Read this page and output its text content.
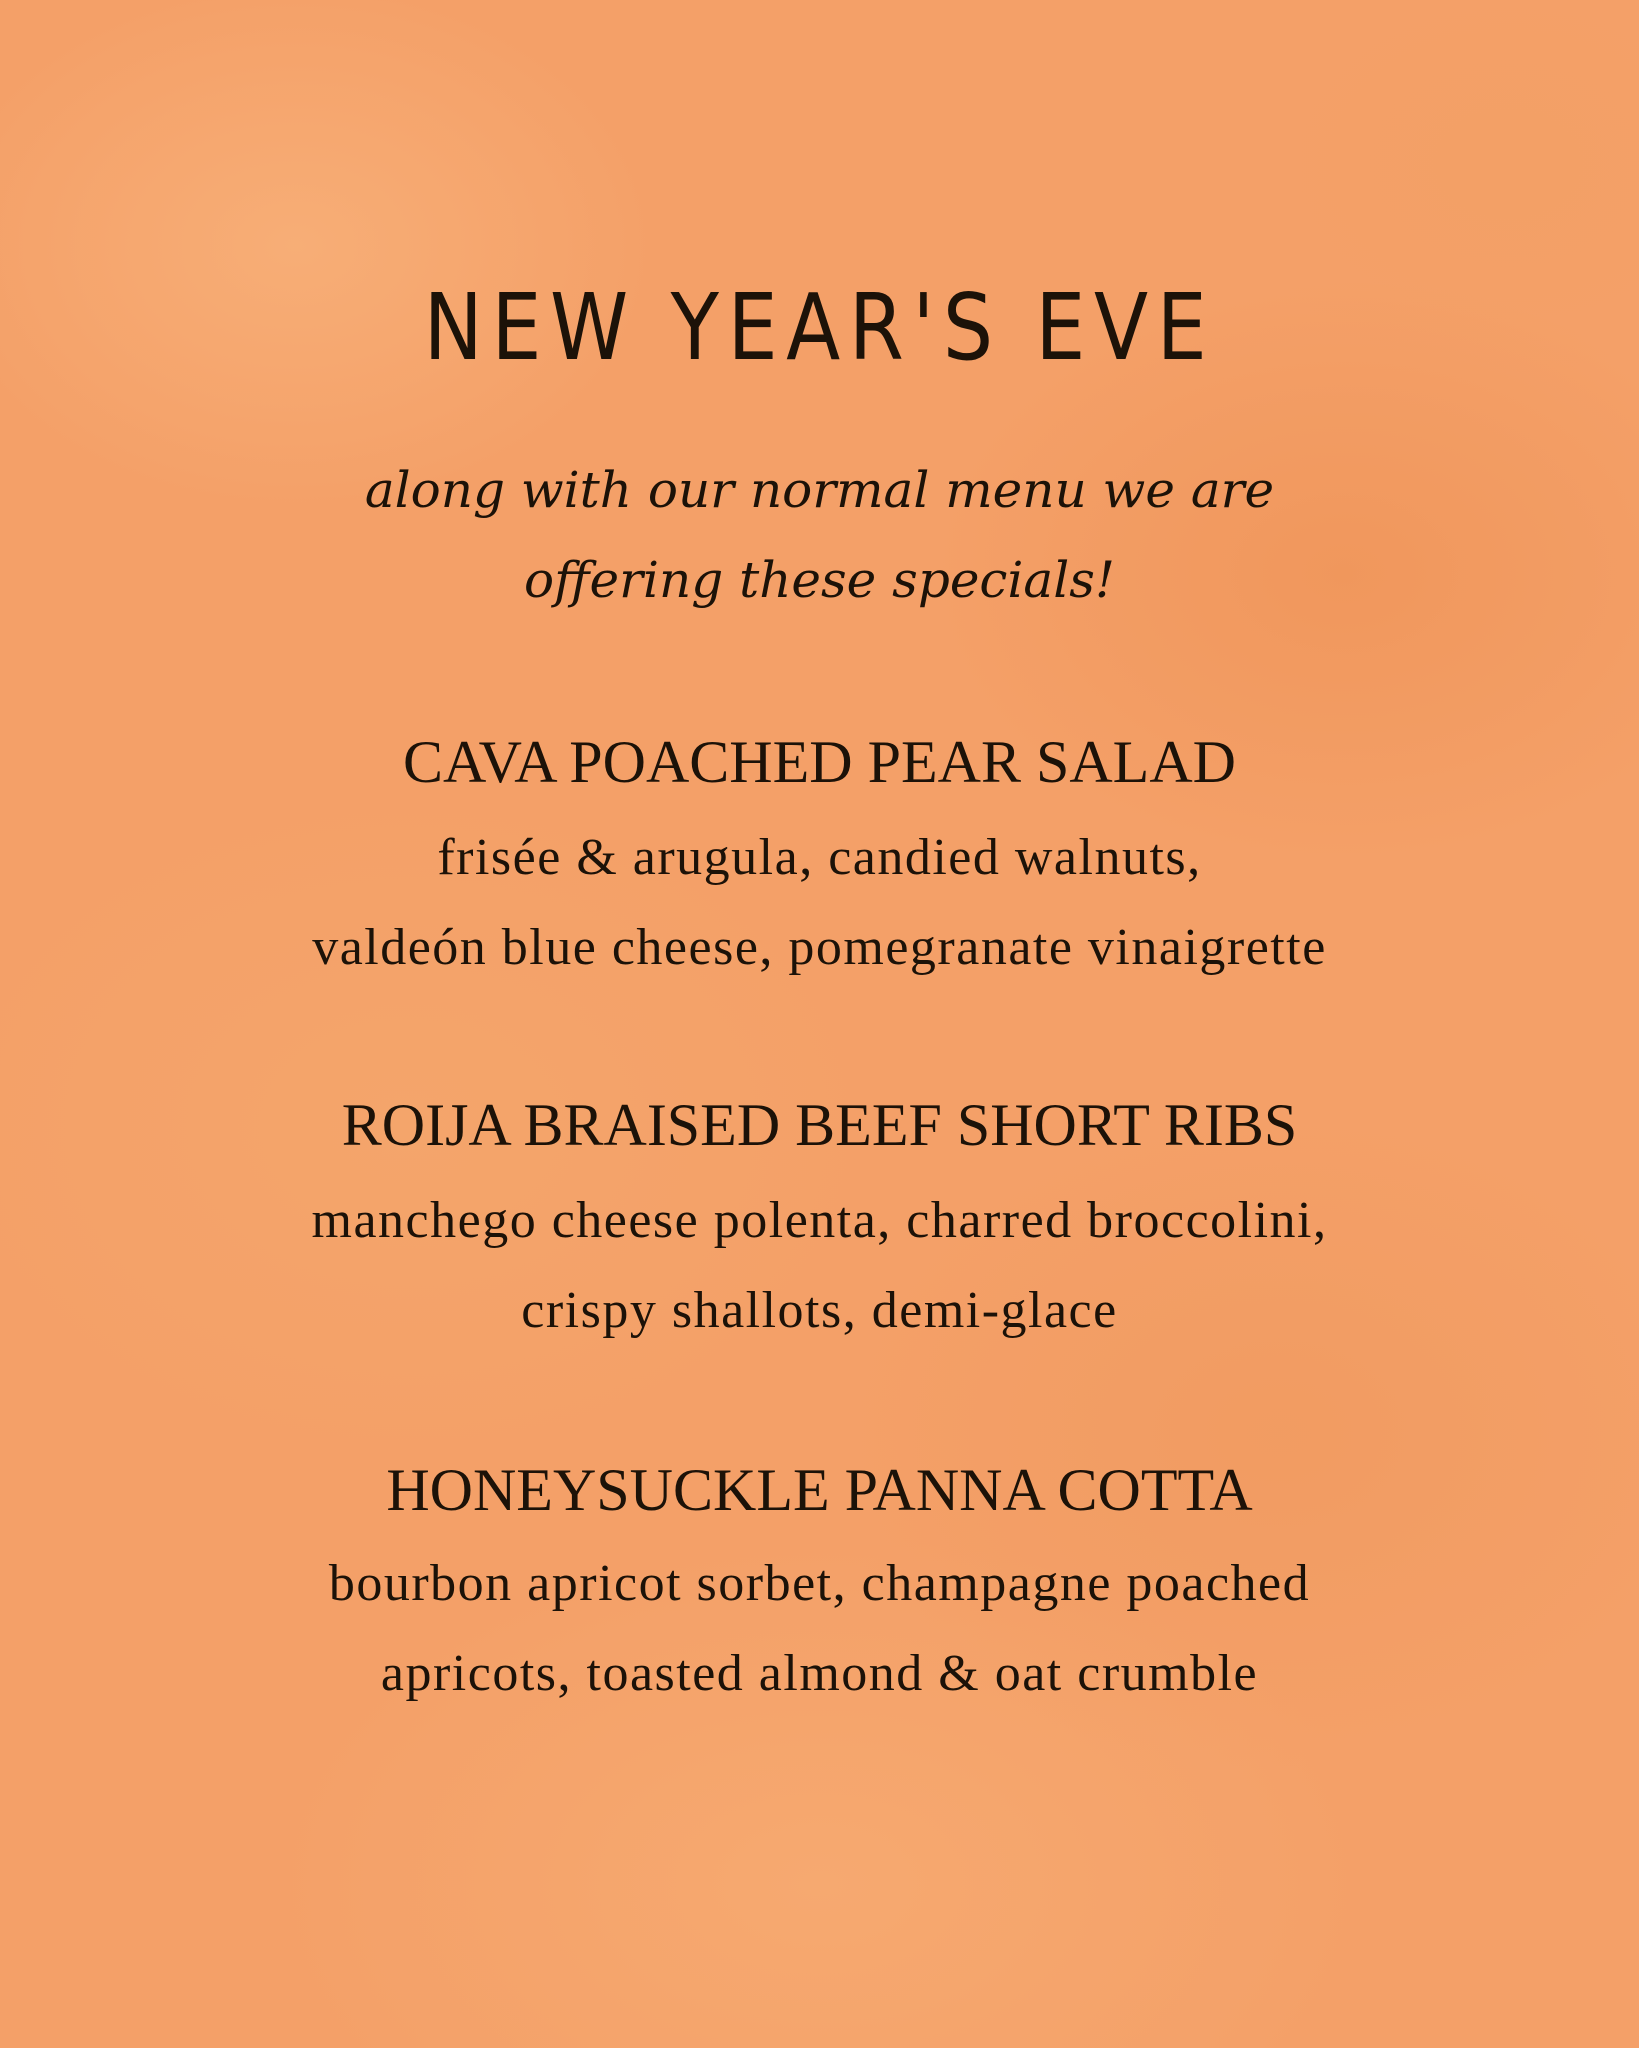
NEW YEAR'S EVE

along with our normal menu we are

offering these specials!

CAVA POACHED PEAR SALAD

frisée & arugula, candied walnuts,

valdeón blue cheese, pomegranate vinaigrette

ROIJA BRAISED BEEF SHORT RIBS

manchego cheese polenta, charred broccolini,

crispy shallots, demi-glace

HONEYSUCKLE PANNA COTTA

bourbon apricot sorbet, champagne poached

apricots, toasted almond & oat crumble
